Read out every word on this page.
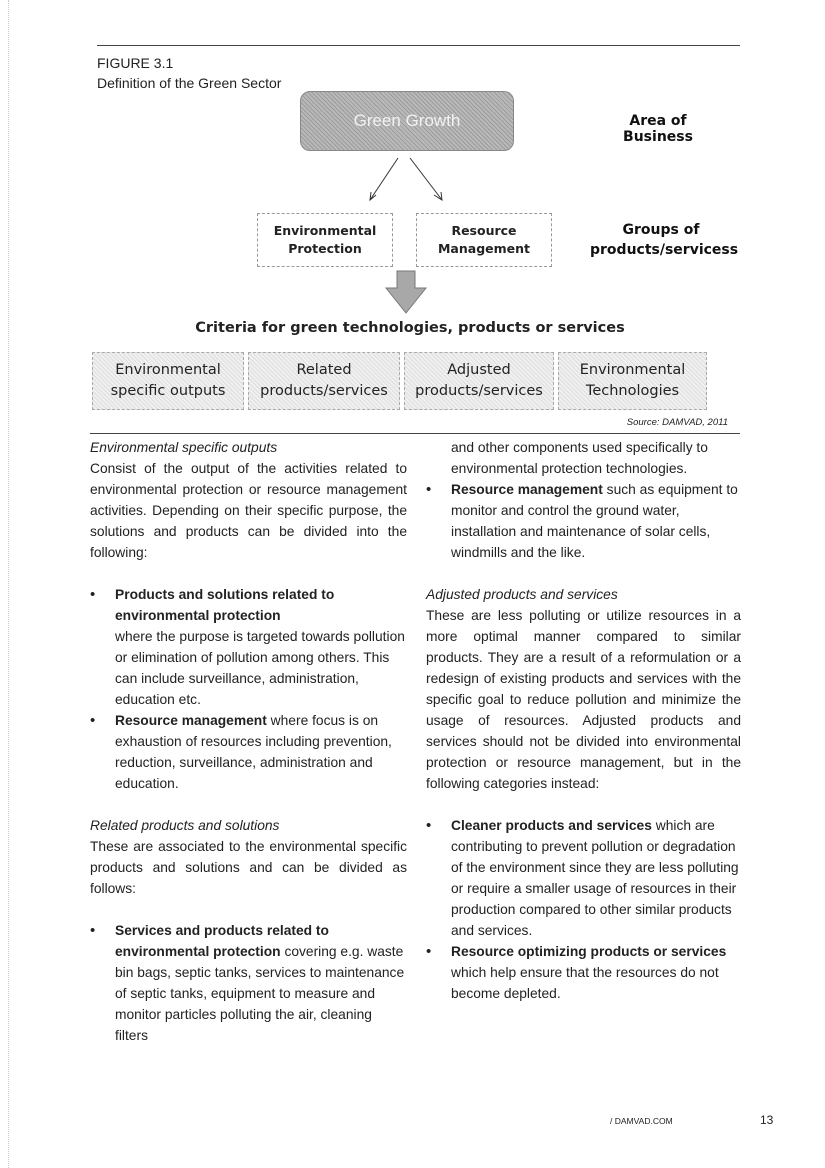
FIGURE 3.1
Definition of the Green Sector
Green Growth	Area of Business
Environmental Protection
Resource Management
Groups of products/servicess
Criteria for green technologies, products or services
Environmental specific outputs
Related products/services
Adjusted products/services
Environmental Technologies
Source: DAMVAD, 2011

Environmental specific outputs

Consist of the output of the activities related to environmental protection or resource management activities. Depending on their specific purpose, the solutions and products can be divided into the following:

• Products and solutions related to environmental protection
where the purpose is targeted towards pollution or elimination of pollution among others. This can include surveillance, administration, education etc.
• Resource management where focus is on exhaustion of resources including prevention, reduction, surveillance, administration and education.

Related products and solutions

These are associated to the environmental specific products and solutions and can be divided as follows:

• Services and products related to environmental protection covering e.g. waste bin bags, septic tanks, services to maintenance of septic tanks, equipment to measure and monitor particles polluting the air, cleaning filters

and other components used specifically to environmental protection technologies.

• Resource management such as equipment to monitor and control the ground water, installation and maintenance of solar cells, windmills and the like.

Adjusted products and services

These are less polluting or utilize resources in a more optimal manner compared to similar products. They are a result of a reformulation or a redesign of existing products and services with the specific goal to reduce pollution and minimize the usage of resources. Adjusted products and services should not be divided into environmental protection or resource management, but in the following categories instead:

• Cleaner products and services which are contributing to prevent pollution or degradation of the environment since they are less polluting or require a smaller usage of resources in their production compared to other similar products and services.
• Resource optimizing products or services which help ensure that the resources do not become depleted.
/ DAMVAD.COM	13
